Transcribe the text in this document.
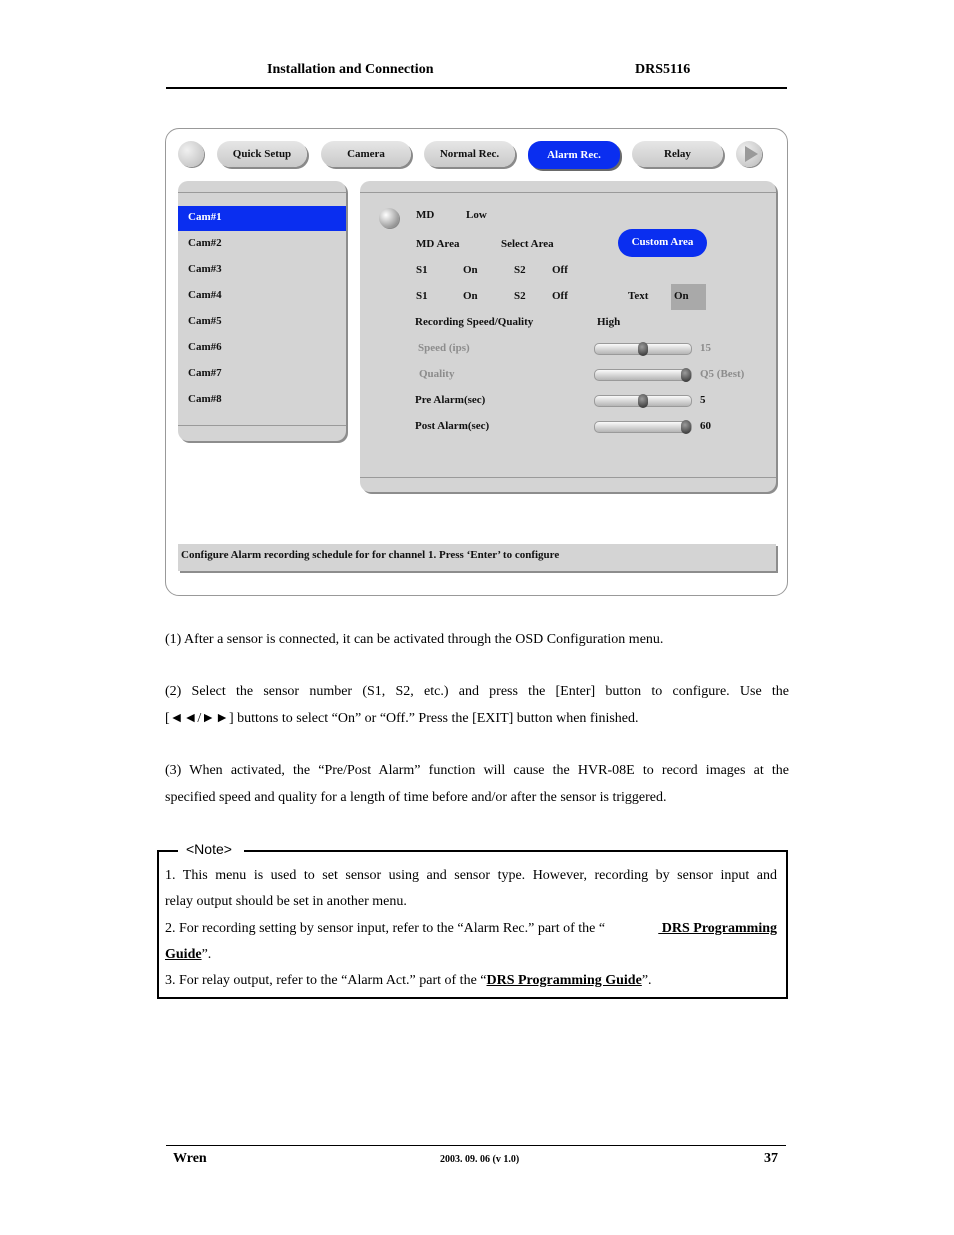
Installation and Connection	DRS5116
Quick Setup	Camera	Normal Rec.	Alarm Rec.	Relay
Cam#1
Cam#2
Cam#3
Cam#4
Cam#5
Cam#6
Cam#7
Cam#8
MD	Low
MD Area	Select Area	Custom Area
S1	On	S2 Off
S1	On	S2 Off	Text On
Recording Speed/Quality	High
Speed (ips)	15
Quality	Q5 (Best)
Pre Alarm(sec)	5
Post Alarm(sec)	60
Configure Alarm recording schedule for for channel 1. Press ‘Enter’ to configure
(1) After a sensor is connected, it can be activated through the OSD Configuration menu.
(2) Select the sensor number (S1, S2, etc.) and press the [Enter] button to configure. Use the
[◄◄/►►] buttons to select “On” or “Off.” Press the [EXIT] button when finished.
(3) When activated, the “Pre/Post Alarm” function will cause the HVR-08E to record images at the
specified speed and quality for a length of time before and/or after the sensor is triggered.
<Note>
1. This menu is used to set sensor using and sensor type. However, recording by sensor input and
relay output should be set in another menu.
2. For recording setting by sensor input, refer to the “Alarm Rec.” part of the “	DRS Programming
Guide”.
3. For relay output, refer to the “Alarm Act.” part of the “DRS Programming Guide”.
Wren	2003. 09. 06 (v 1.0)	37
